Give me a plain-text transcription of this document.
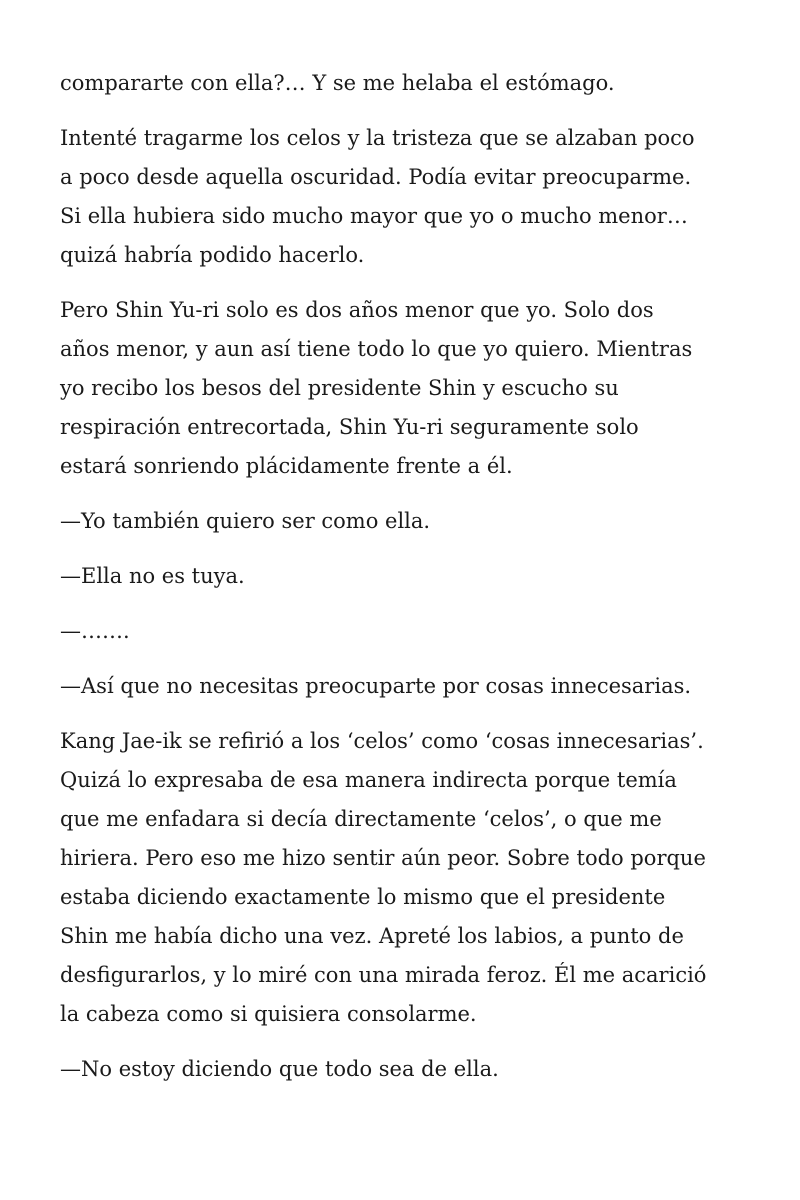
compararte con ella?… Y se me helaba el estómago.

Intenté tragarme los celos y la tristeza que se alzaban poco
a poco desde aquella oscuridad. Podía evitar preocuparme.
Si ella hubiera sido mucho mayor que yo o mucho menor…
quizá habría podido hacerlo.

Pero Shin Yu-ri solo es dos años menor que yo. Solo dos
años menor, y aun así tiene todo lo que yo quiero. Mientras
yo recibo los besos del presidente Shin y escucho su
respiración entrecortada, Shin Yu-ri seguramente solo
estará sonriendo plácidamente frente a él.

—Yo también quiero ser como ella.

—Ella no es tuya.

—…….

—Así que no necesitas preocuparte por cosas innecesarias.

Kang Jae-ik se refirió a los ‘celos’ como ‘cosas innecesarias’.
Quizá lo expresaba de esa manera indirecta porque temía
que me enfadara si decía directamente ‘celos’, o que me
hiriera. Pero eso me hizo sentir aún peor. Sobre todo porque
estaba diciendo exactamente lo mismo que el presidente
Shin me había dicho una vez. Apreté los labios, a punto de
desfigurarlos, y lo miré con una mirada feroz. Él me acarició
la cabeza como si quisiera consolarme.

—No estoy diciendo que todo sea de ella.
